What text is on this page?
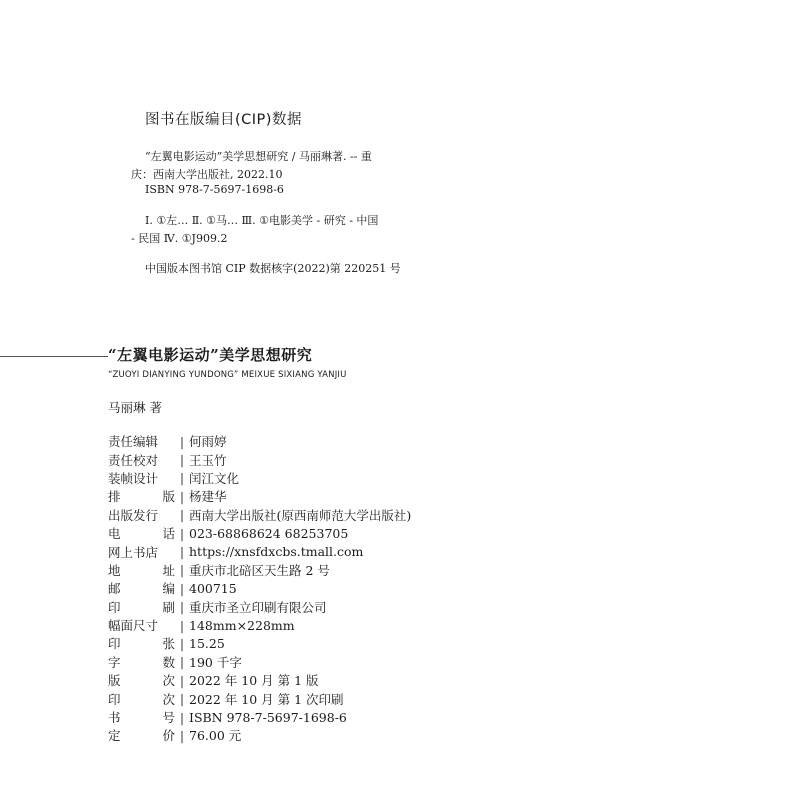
图书在版编目(CIP)数据
“左翼电影运动”美学思想研究 / 马丽琳著. -- 重
庆：西南大学出版社, 2022.10
ISBN 978-7-5697-1698-6
Ⅰ. ①左… Ⅱ. ①马… Ⅲ. ①电影美学 - 研究 - 中国
- 民国 Ⅳ. ①J909.2
中国版本图书馆 CIP 数据核字(2022)第 220251 号
“左翼电影运动”美学思想研究
“ZUOYI DIANYING YUNDONG” MEIXUE SIXIANG YANJIU
马丽琳 著
责任编辑	| 何雨婷
责任校对	| 王玉竹
装帧设计	| 闰江文化
排	版 | 杨建华
出版发行	| 西南大学出版社(原西南师范大学出版社)
电	话 | 023-68868624 68253705
网上书店	| https://xnsfdxcbs.tmall.com
地	址 | 重庆市北碚区天生路 2 号
邮	编 | 400715
印	刷 | 重庆市圣立印刷有限公司
幅面尺寸	| 148mm×228mm
印	张 | 15.25
字	数 | 190 千字
版	次 | 2022 年 10 月 第 1 版
印	次 | 2022 年 10 月 第 1 次印刷
书	号 | ISBN 978-7-5697-1698-6
定	价 | 76.00 元
